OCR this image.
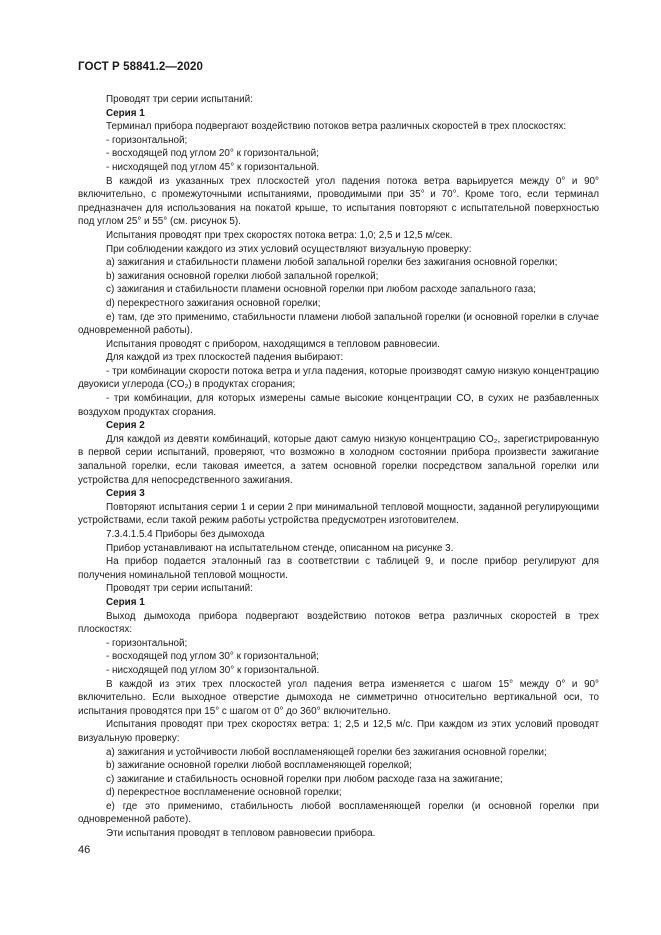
ГОСТ Р 58841.2—2020

Проводят три серии испытаний:

Серия 1

Терминал прибора подвергают воздействию потоков ветра различных скоростей в трех плоскостях:

- горизонтальной;

- восходящей под углом 20° к горизонтальной;

- нисходящей под углом 45° к горизонтальной.

В каждой из указанных трех плоскостей угол падения потока ветра варьируется между 0° и 90° включительно, с промежуточными испытаниями, проводимыми при 35° и 70°. Кроме того, если терминал предназначен для использования на покатой крыше, то испытания повторяют с испытательной поверхностью под углом 25° и 55° (см. рисунок 5).

Испытания проводят при трех скоростях потока ветра: 1,0; 2,5 и 12,5 м/сек.

При соблюдении каждого из этих условий осуществляют визуальную проверку:

а) зажигания и стабильности пламени любой запальной горелки без зажигания основной горелки;

b) зажигания основной горелки любой запальной горелкой;

c) зажигания и стабильности пламени основной горелки при любом расходе запального газа;

d) перекрестного зажигания основной горелки;

e) там, где это применимо, стабильности пламени любой запальной горелки (и основной горелки в случае одновременной работы).

Испытания проводят с прибором, находящимся в тепловом равновесии.

Для каждой из трех плоскостей падения выбирают:

- три комбинации скорости потока ветра и угла падения, которые производят самую низкую концентрацию двуокиси углерода (CO₂) в продуктах сгорания;

- три комбинации, для которых измерены самые высокие концентрации CO, в сухих не разбавленных воздухом продуктах сгорания.

Серия 2

Для каждой из девяти комбинаций, которые дают самую низкую концентрацию CO₂, зарегистрированную в первой серии испытаний, проверяют, что возможно в холодном состоянии прибора произвести зажигание запальной горелки, если таковая имеется, а затем основной горелки посредством запальной горелки или устройства для непосредственного зажигания.

Серия 3

Повторяют испытания серии 1 и серии 2 при минимальной тепловой мощности, заданной регулирующими устройствами, если такой режим работы устройства предусмотрен изготовителем.

7.3.4.1.5.4 Приборы без дымохода

Прибор устанавливают на испытательном стенде, описанном на рисунке 3.

На прибор подается эталонный газ в соответствии с таблицей 9, и после прибор регулируют для получения номинальной тепловой мощности.

Проводят три серии испытаний:

Серия 1

Выход дымохода прибора подвергают воздействию потоков ветра различных скоростей в трех плоскостях:

- горизонтальной;

- восходящей под углом 30° к горизонтальной;

- нисходящей под углом 30° к горизонтальной.

В каждой из этих трех плоскостей угол падения ветра изменяется с шагом 15° между 0° и 90° включительно. Если выходное отверстие дымохода не симметрично относительно вертикальной оси, то испытания проводятся при 15° с шагом от 0° до 360° включительно.

Испытания проводят при трех скоростях ветра: 1; 2,5 и 12,5 м/с. При каждом из этих условий проводят визуальную проверку:

а) зажигания и устойчивости любой воспламеняющей горелки без зажигания основной горелки;

b) зажигание основной горелки любой воспламеняющей горелкой;

c) зажигание и стабильность основной горелки при любом расходе газа на зажигание;

d) перекрестное воспламенение основной горелки;

e) где это применимо, стабильность любой воспламеняющей горелки (и основной горелки при одновременной работе).

Эти испытания проводят в тепловом равновесии прибора.

46
